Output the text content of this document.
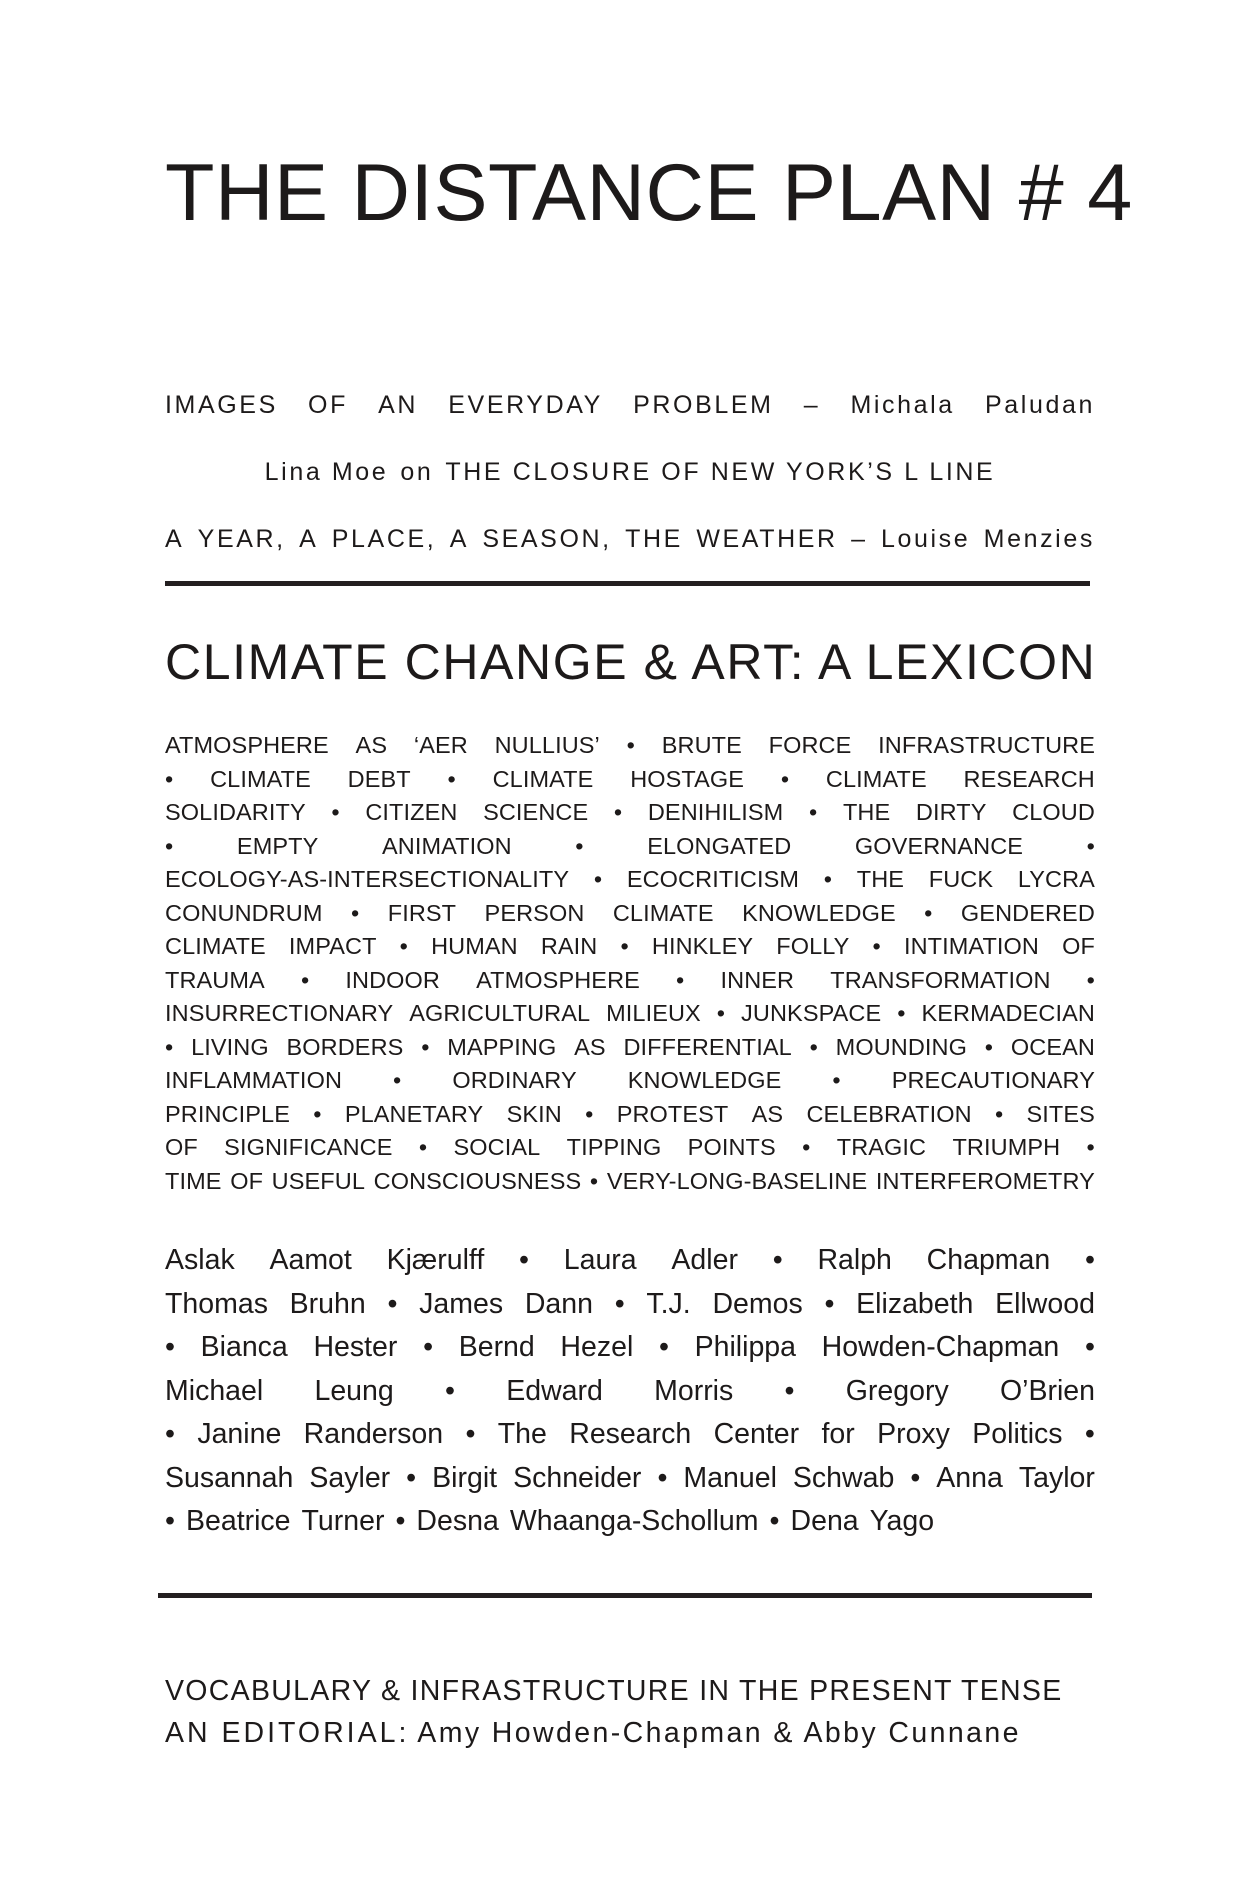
THE DISTANCE PLAN # 4
IMAGES OF AN EVERYDAY PROBLEM – Michala Paludan
Lina Moe on THE CLOSURE OF NEW YORK’S L LINE
A YEAR, A PLACE, A SEASON, THE WEATHER – Louise Menzies
CLIMATE CHANGE & ART: A LEXICON
ATMOSPHERE AS ‘AER NULLIUS’ • BRUTE FORCE INFRASTRUCTURE
• CLIMATE DEBT • CLIMATE HOSTAGE • CLIMATE RESEARCH
SOLIDARITY • CITIZEN SCIENCE • DENIHILISM • THE DIRTY CLOUD
•	EMPTY	ANIMATION	•	ELONGATED	GOVERNANCE	•
ECOLOGY-AS-INTERSECTIONALITY • ECOCRITICISM • THE FUCK LYCRA
CONUNDRUM • FIRST PERSON CLIMATE KNOWLEDGE • GENDERED
CLIMATE IMPACT • HUMAN RAIN • HINKLEY FOLLY • INTIMATION OF
TRAUMA • INDOOR ATMOSPHERE • INNER TRANSFORMATION •
INSURRECTIONARY AGRICULTURAL MILIEUX • JUNKSPACE • KERMADECIAN
• LIVING BORDERS • MAPPING AS DIFFERENTIAL • MOUNDING • OCEAN
INFLAMMATION • ORDINARY KNOWLEDGE • PRECAUTIONARY
PRINCIPLE • PLANETARY SKIN • PROTEST AS CELEBRATION • SITES
OF SIGNIFICANCE • SOCIAL TIPPING POINTS • TRAGIC TRIUMPH •
TIME OF USEFUL CONSCIOUSNESS • VERY-LONG-BASELINE INTERFEROMETRY
Aslak Aamot Kjærulff • Laura Adler • Ralph Chapman •
Thomas Bruhn • James Dann • T.J. Demos • Elizabeth Ellwood
• Bianca Hester • Bernd Hezel • Philippa Howden-Chapman •
Michael Leung • Edward Morris • Gregory O’Brien
• Janine Randerson • The Research Center for Proxy Politics •
Susannah Sayler • Birgit Schneider • Manuel Schwab • Anna Taylor
• Beatrice Turner • Desna Whaanga-Schollum • Dena Yago
VOCABULARY & INFRASTRUCTURE IN THE PRESENT TENSE
AN EDITORIAL: Amy Howden-Chapman & Abby Cunnane
